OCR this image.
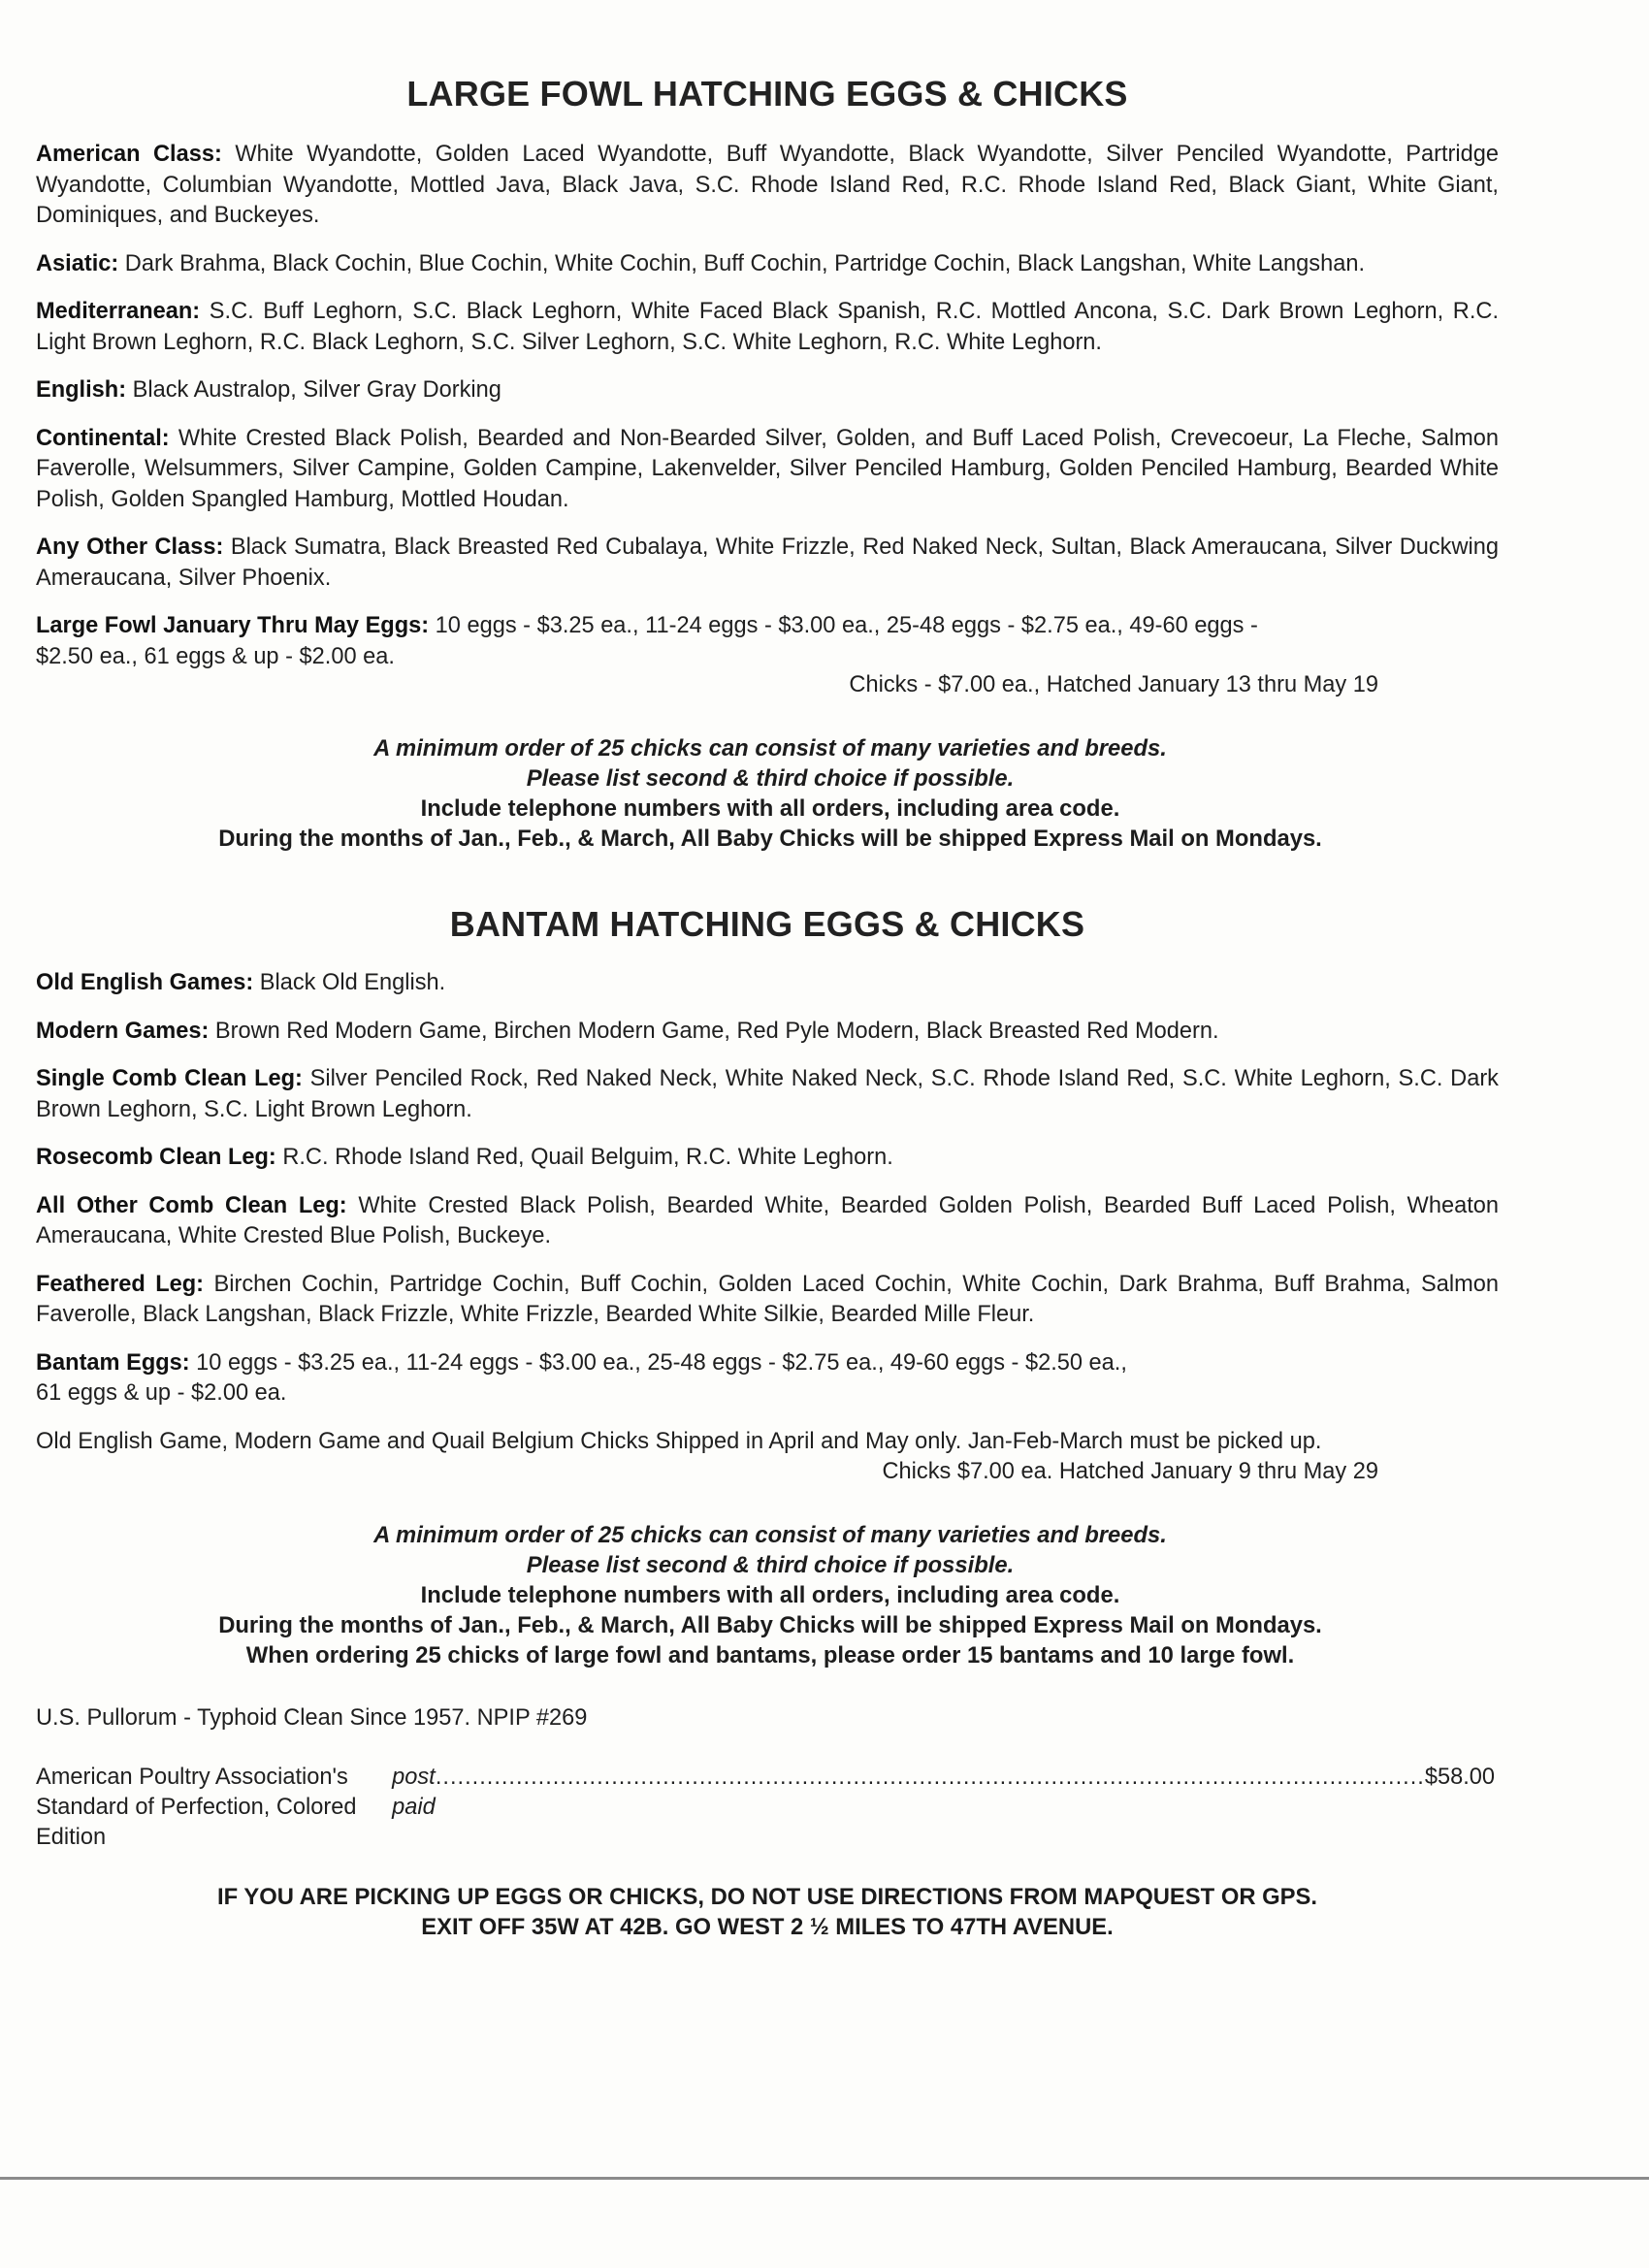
LARGE FOWL HATCHING EGGS & CHICKS

American Class: White Wyandotte, Golden Laced Wyandotte, Buff Wyandotte, Black Wyandotte, Silver Penciled Wyandotte, Partridge Wyandotte, Columbian Wyandotte, Mottled Java, Black Java, S.C. Rhode Island Red, R.C. Rhode Island Red, Black Giant, White Giant, Dominiques, and Buckeyes.

Asiatic: Dark Brahma, Black Cochin, Blue Cochin, White Cochin, Buff Cochin, Partridge Cochin, Black Langshan, White Langshan.

Mediterranean: S.C. Buff Leghorn, S.C. Black Leghorn, White Faced Black Spanish, R.C. Mottled Ancona, S.C. Dark Brown Leghorn, R.C. Light Brown Leghorn, R.C. Black Leghorn, S.C. Silver Leghorn, S.C. White Leghorn, R.C. White Leghorn.

English: Black Australop, Silver Gray Dorking

Continental: White Crested Black Polish, Bearded and Non-Bearded Silver, Golden, and Buff Laced Polish, Crevecoeur, La Fleche, Salmon Faverolle, Welsummers, Silver Campine, Golden Campine, Lakenvelder, Silver Penciled Hamburg, Golden Penciled Hamburg, Bearded White Polish, Golden Spangled Hamburg, Mottled Houdan.

Any Other Class: Black Sumatra, Black Breasted Red Cubalaya, White Frizzle, Red Naked Neck, Sultan, Black Ameraucana, Silver Duckwing Ameraucana, Silver Phoenix.

Large Fowl January Thru May Eggs: 10 eggs - $3.25 ea., 11-24 eggs - $3.00 ea., 25-48 eggs - $2.75 ea., 49-60 eggs - $2.50 ea., 61 eggs & up - $2.00 ea.

Chicks - $7.00 ea., Hatched January 13 thru May 19
A minimum order of 25 chicks can consist of many varieties and breeds.
Please list second & third choice if possible.
Include telephone numbers with all orders, including area code.
During the months of Jan., Feb., & March, All Baby Chicks will be shipped Express Mail on Mondays.
BANTAM HATCHING EGGS & CHICKS

Old English Games: Black Old English.

Modern Games: Brown Red Modern Game, Birchen Modern Game, Red Pyle Modern, Black Breasted Red Modern.

Single Comb Clean Leg: Silver Penciled Rock, Red Naked Neck, White Naked Neck, S.C. Rhode Island Red, S.C. White Leghorn, S.C. Dark Brown Leghorn, S.C. Light Brown Leghorn.

Rosecomb Clean Leg: R.C. Rhode Island Red, Quail Belguim, R.C. White Leghorn.

All Other Comb Clean Leg: White Crested Black Polish, Bearded White, Bearded Golden Polish, Bearded Buff Laced Polish, Wheaton Ameraucana, White Crested Blue Polish, Buckeye.

Feathered Leg: Birchen Cochin, Partridge Cochin, Buff Cochin, Golden Laced Cochin, White Cochin, Dark Brahma, Buff Brahma, Salmon Faverolle, Black Langshan, Black Frizzle, White Frizzle, Bearded White Silkie, Bearded Mille Fleur.

Bantam Eggs: 10 eggs - $3.25 ea., 11-24 eggs - $3.00 ea., 25-48 eggs - $2.75 ea., 49-60 eggs - $2.50 ea.,
61 eggs & up - $2.00 ea.

Old English Game, Modern Game and Quail Belgium Chicks Shipped in April and May only. Jan-Feb-March must be picked up.
Chicks $7.00 ea. Hatched January 9 thru May 29
A minimum order of 25 chicks can consist of many varieties and breeds.
Please list second & third choice if possible.
Include telephone numbers with all orders, including area code.
During the months of Jan., Feb., & March, All Baby Chicks will be shipped Express Mail on Mondays.
When ordering 25 chicks of large fowl and bantams, please order 15 bantams and 10 large fowl.
U.S. Pullorum - Typhoid Clean Since 1957. NPIP #269
American Poultry Association's Standard of Perfection, Colored Edition
post paid
....................................................................................................................................... $58.00
IF YOU ARE PICKING UP EGGS OR CHICKS, DO NOT USE DIRECTIONS FROM MAPQUEST OR GPS.
EXIT OFF 35W AT 42B. GO WEST 2 ½ MILES TO 47TH AVENUE.
